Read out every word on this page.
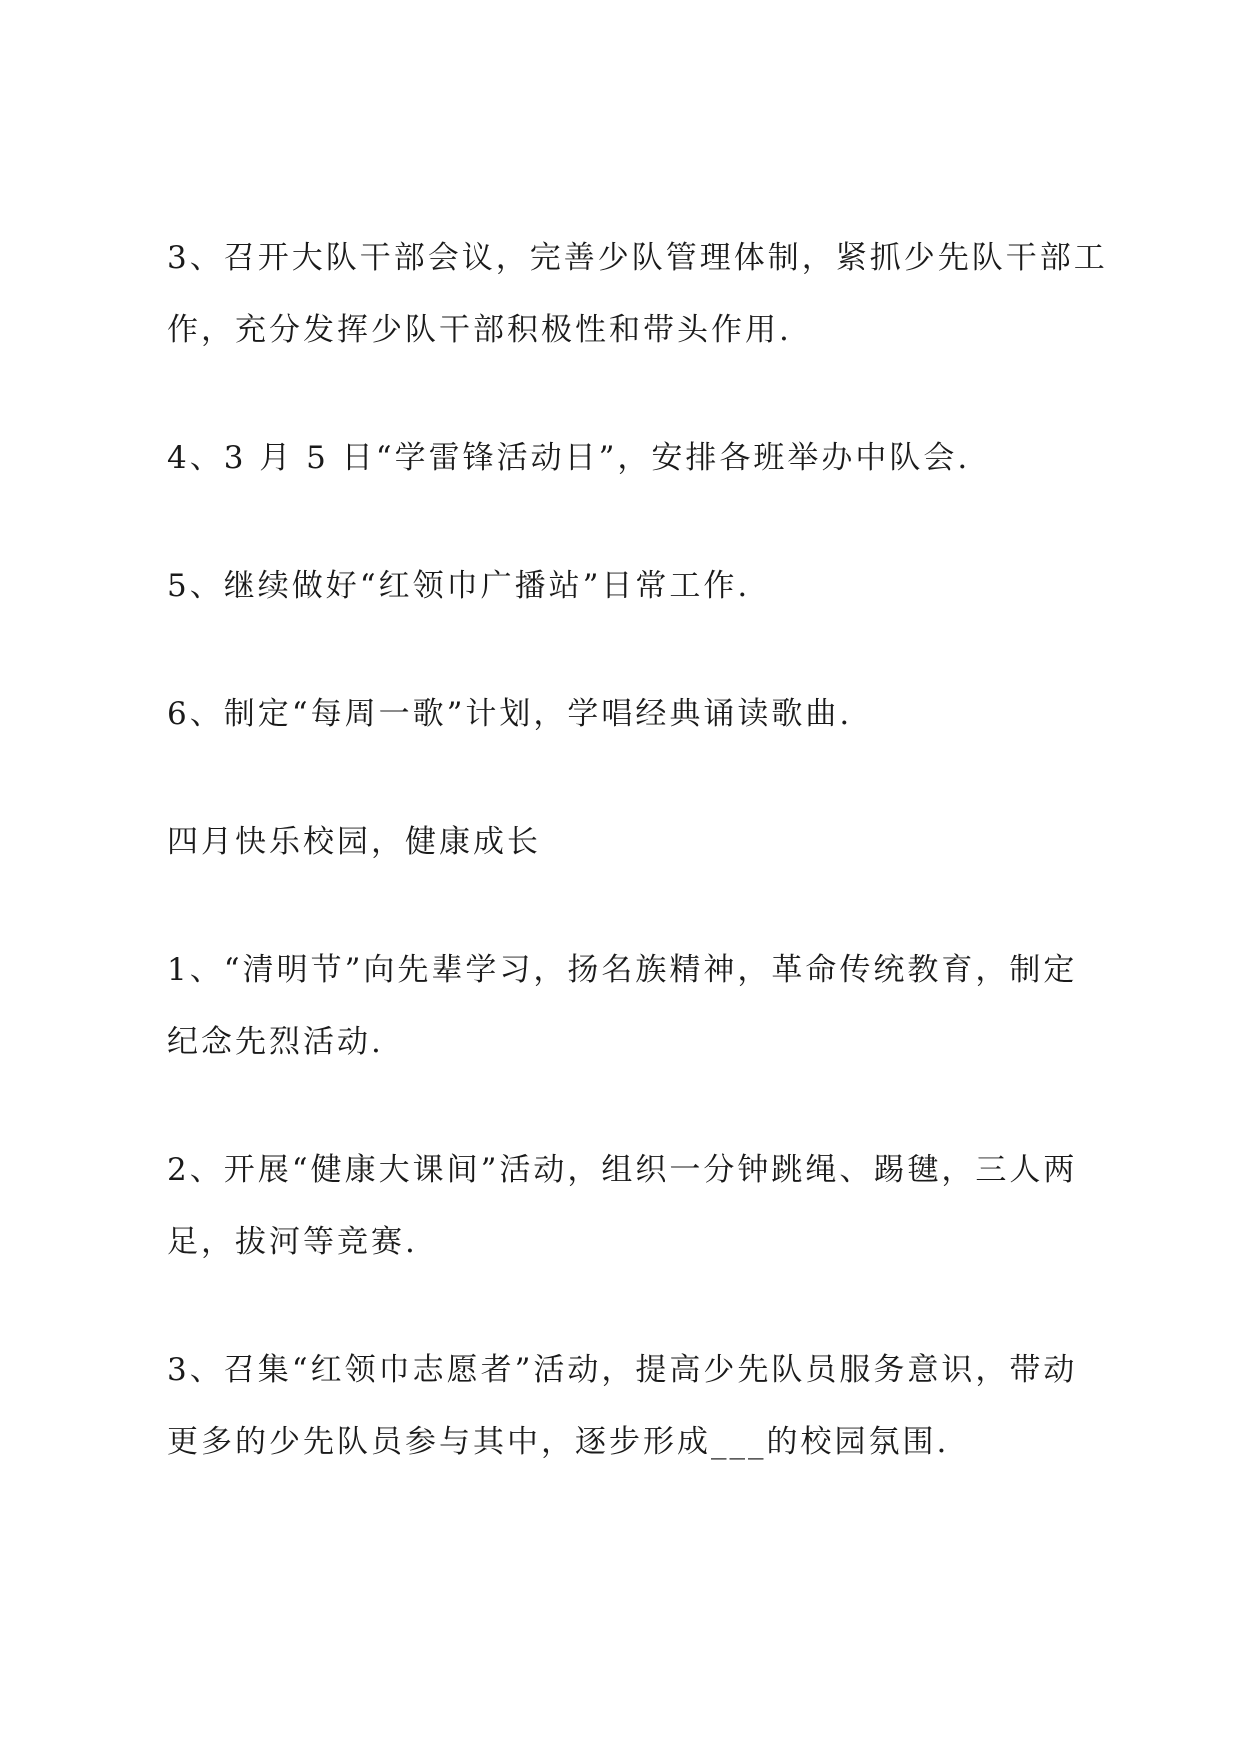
3、召开大队干部会议，完善少队管理体制，紧抓少先队干部工

作，充分发挥少队干部积极性和带头作用.

4、3 月 5 日“学雷锋活动日”，安排各班举办中队会.

5、继续做好“红领巾广播站”日常工作.

6、制定“每周一歌”计划，学唱经典诵读歌曲.

四月快乐校园，健康成长

1、“清明节”向先辈学习，扬名族精神，革命传统教育，制定

纪念先烈活动.

2、开展“健康大课间”活动，组织一分钟跳绳、踢毽，三人两

足，拔河等竞赛.

3、召集“红领巾志愿者”活动，提高少先队员服务意识，带动

更多的少先队员参与其中，逐步形成___的校园氛围.
